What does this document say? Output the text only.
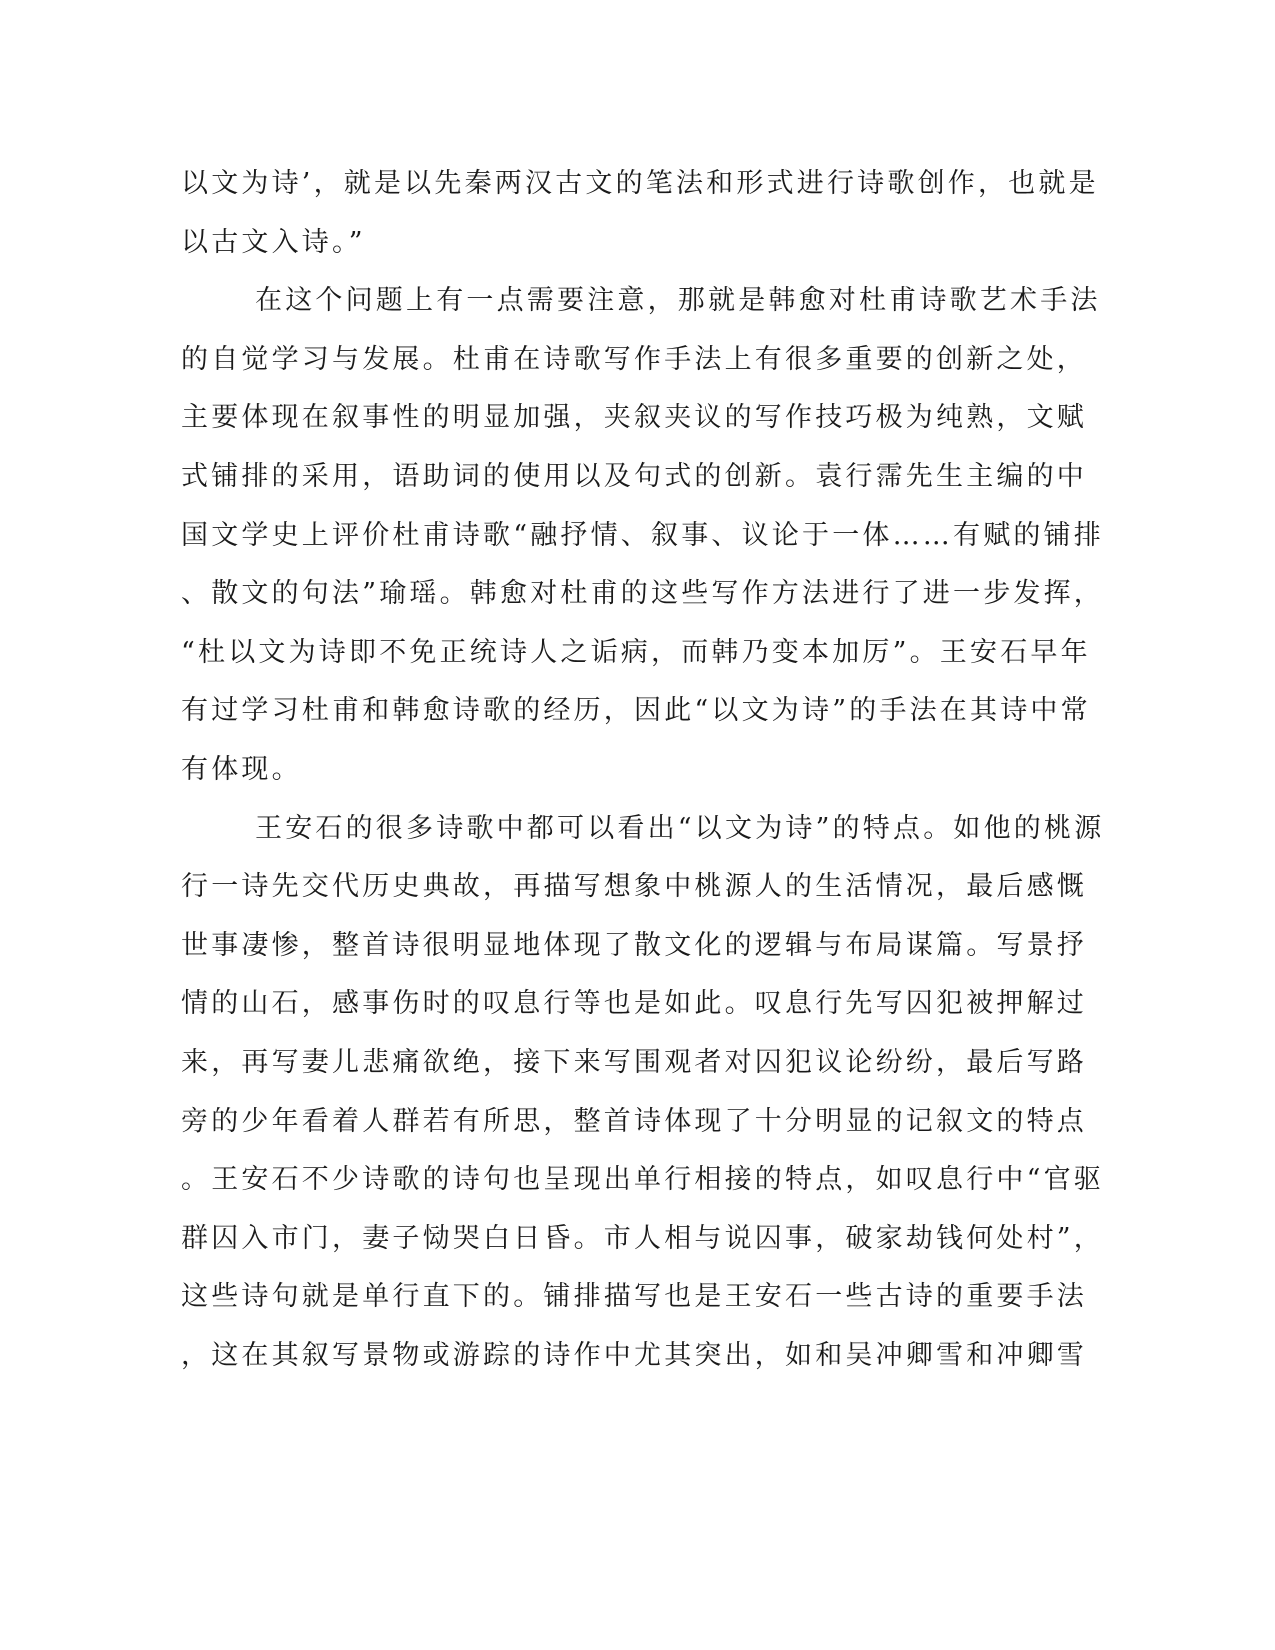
以文为诗’，就是以先秦两汉古文的笔法和形式进行诗歌创作，也就是
以古文入诗。”
在这个问题上有一点需要注意，那就是韩愈对杜甫诗歌艺术手法
的自觉学习与发展。杜甫在诗歌写作手法上有很多重要的创新之处，
主要体现在叙事性的明显加强，夹叙夹议的写作技巧极为纯熟，文赋
式铺排的采用，语助词的使用以及句式的创新。袁行霈先生主编的中
国文学史上评价杜甫诗歌“融抒情、叙事、议论于一体……有赋的铺排
、散文的句法”瑜瑶。韩愈对杜甫的这些写作方法进行了进一步发挥，
“杜以文为诗即不免正统诗人之诟病，而韩乃变本加厉”。王安石早年
有过学习杜甫和韩愈诗歌的经历，因此“以文为诗”的手法在其诗中常
有体现。
王安石的很多诗歌中都可以看出“以文为诗”的特点。如他的桃源
行一诗先交代历史典故，再描写想象中桃源人的生活情况，最后感慨
世事凄惨，整首诗很明显地体现了散文化的逻辑与布局谋篇。写景抒
情的山石，感事伤时的叹息行等也是如此。叹息行先写囚犯被押解过
来，再写妻儿悲痛欲绝，接下来写围观者对囚犯议论纷纷，最后写路
旁的少年看着人群若有所思，整首诗体现了十分明显的记叙文的特点
。王安石不少诗歌的诗句也呈现出单行相接的特点，如叹息行中“官驱
群囚入市门，妻子恸哭白日昏。市人相与说囚事，破家劫钱何处村”，
这些诗句就是单行直下的。铺排描写也是王安石一些古诗的重要手法
，这在其叙写景物或游踪的诗作中尤其突出，如和吴冲卿雪和冲卿雪
